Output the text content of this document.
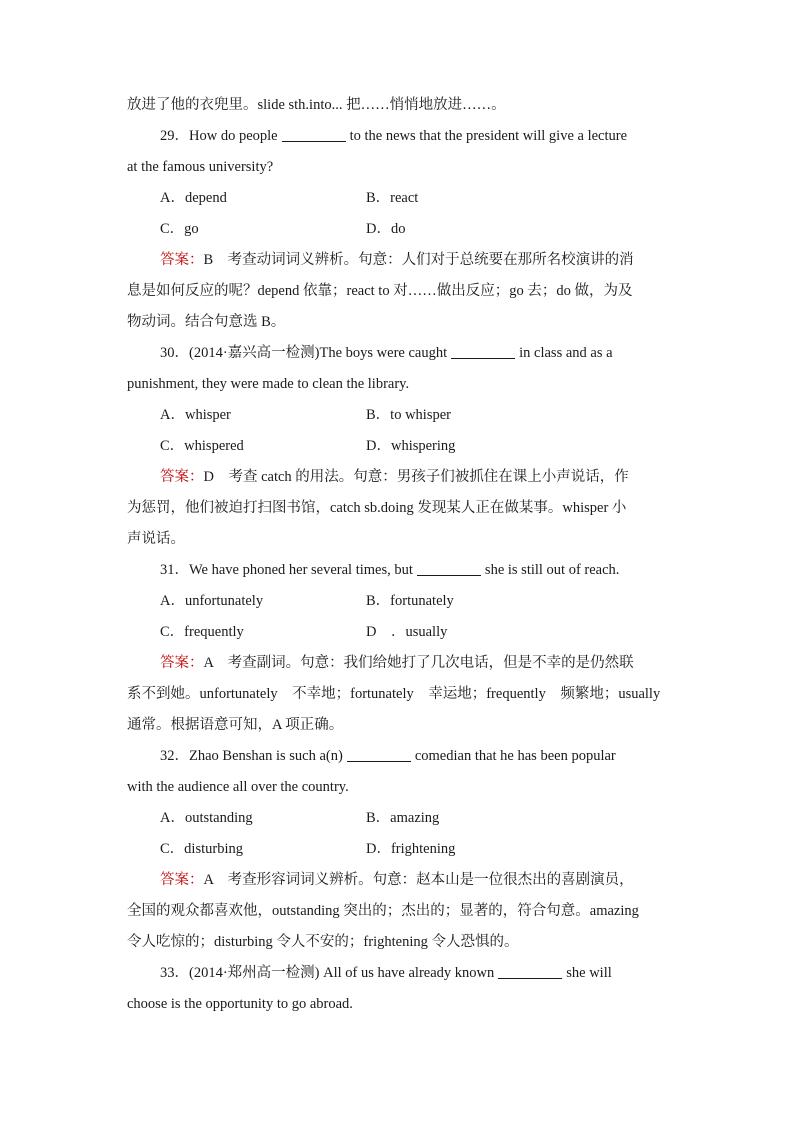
放进了他的衣兜里。slide sth.into... 把……悄悄地放进……。
29．How do people	to the news that the president will give a lecture
at the famous university?
A．depend	B．react
C．go	D．do
答案：B　考查动词词义辨析。句意：人们对于总统要在那所名校演讲的消
息是如何反应的呢？depend 依靠；react to 对……做出反应；go 去；do 做，为及
物动词。结合句意选 B。
30．(2014·嘉兴高一检测)The boys were caught	in class and as a
punishment, they were made to clean the library.
A．whisper	B．to whisper
C．whispered	D．whispering
答案：D　考查 catch 的用法。句意：男孩子们被抓住在课上小声说话，作
为惩罚，他们被迫打扫图书馆，catch sb.doing 发现某人正在做某事。whisper 小
声说话。
31．We have phoned her several times, but	she is still out of reach.
A．unfortunately	B．fortunately
C．frequently	D　．usually
答案：A　考查副词。句意：我们给她打了几次电话，但是不幸的是仍然联
系不到她。unfortunately　不幸地；fortunately　幸运地；frequently　频繁地；usually
通常。根据语意可知，A 项正确。
32．Zhao Benshan is such a(n)	comedian that he has been popular
with the audience all over the country.
A．outstanding	B．amazing
C．disturbing	D．frightening
答案：A　考查形容词词义辨析。句意：赵本山是一位很杰出的喜剧演员，
全国的观众都喜欢他，outstanding 突出的；杰出的；显著的，符合句意。amazing
令人吃惊的；disturbing 令人不安的；frightening 令人恐惧的。
33．(2014·郑州高一检测) All of us have already known	she will
choose is the opportunity to go abroad.
